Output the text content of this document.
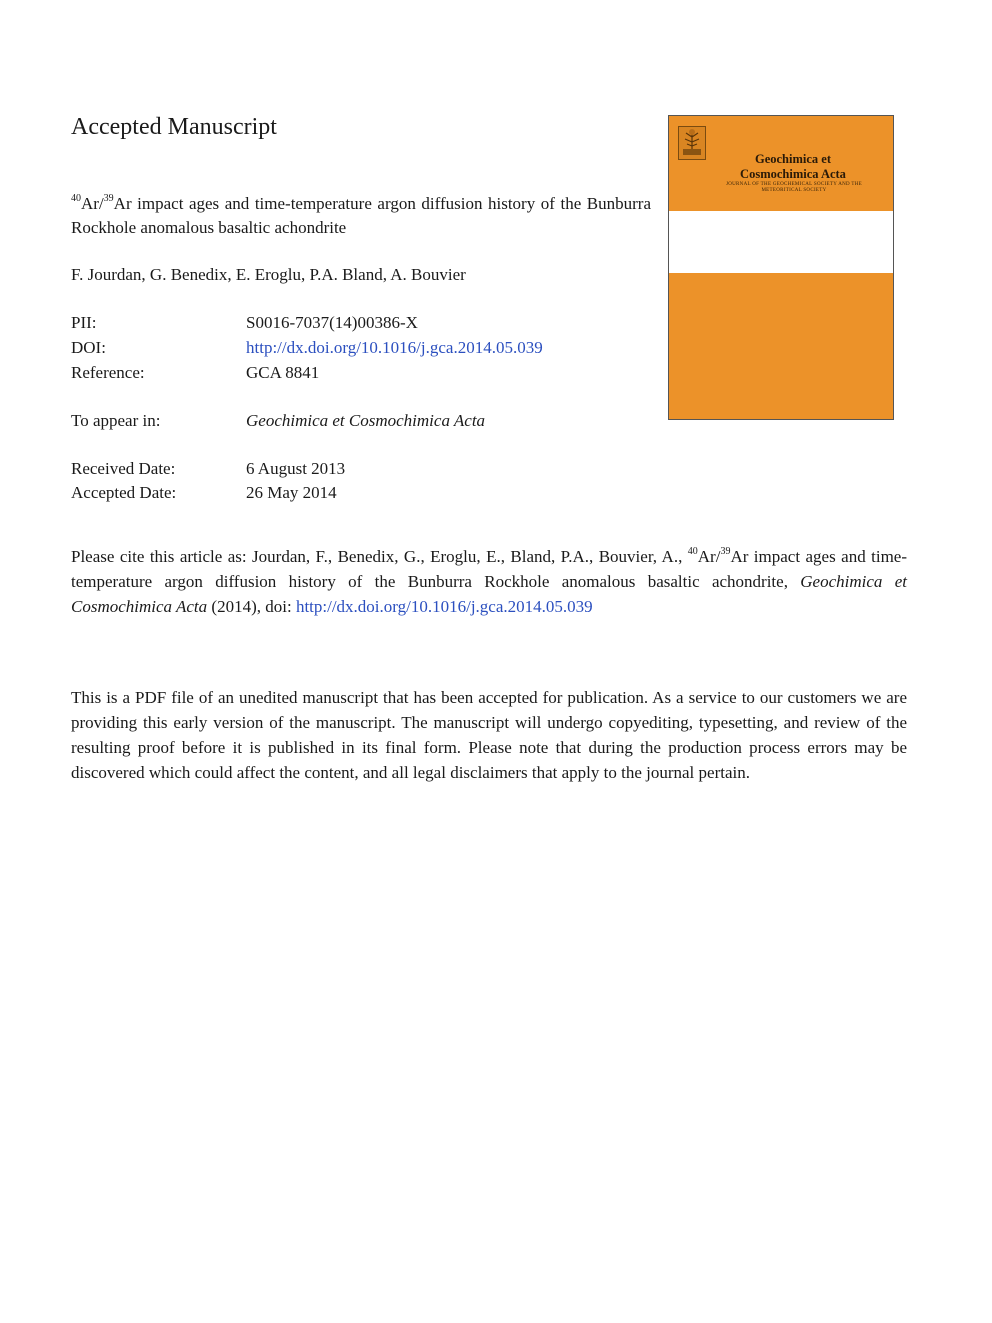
Accepted Manuscript
$^{40}$Ar/$^{39}$Ar impact ages and time-temperature argon diffusion history of the Bunburra Rockhole anomalous basaltic achondrite
F. Jourdan, G. Benedix, E. Eroglu, P.A. Bland, A. Bouvier
PII:	S0016-7037(14)00386-X
DOI:	http://dx.doi.org/10.1016/j.gca.2014.05.039
Reference:	GCA 8841
To appear in:	Geochimica et Cosmochimica Acta
Received Date:	6 August 2013
Accepted Date:	26 May 2014
Geochimica et
Cosmochimica Acta
JOURNAL OF THE GEOCHEMICAL SOCIETY AND THE METEORITICAL SOCIETY
Please cite this article as: Jourdan, F., Benedix, G., Eroglu, E., Bland, P.A., Bouvier, A., $^{40}$Ar/$^{39}$Ar impact ages and time-temperature argon diffusion history of the Bunburra Rockhole anomalous basaltic achondrite, Geochimica et Cosmochimica Acta (2014), doi: http://dx.doi.org/10.1016/j.gca.2014.05.039
This is a PDF file of an unedited manuscript that has been accepted for publication. As a service to our customers we are providing this early version of the manuscript. The manuscript will undergo copyediting, typesetting, and review of the resulting proof before it is published in its final form. Please note that during the production process errors may be discovered which could affect the content, and all legal disclaimers that apply to the journal pertain.
